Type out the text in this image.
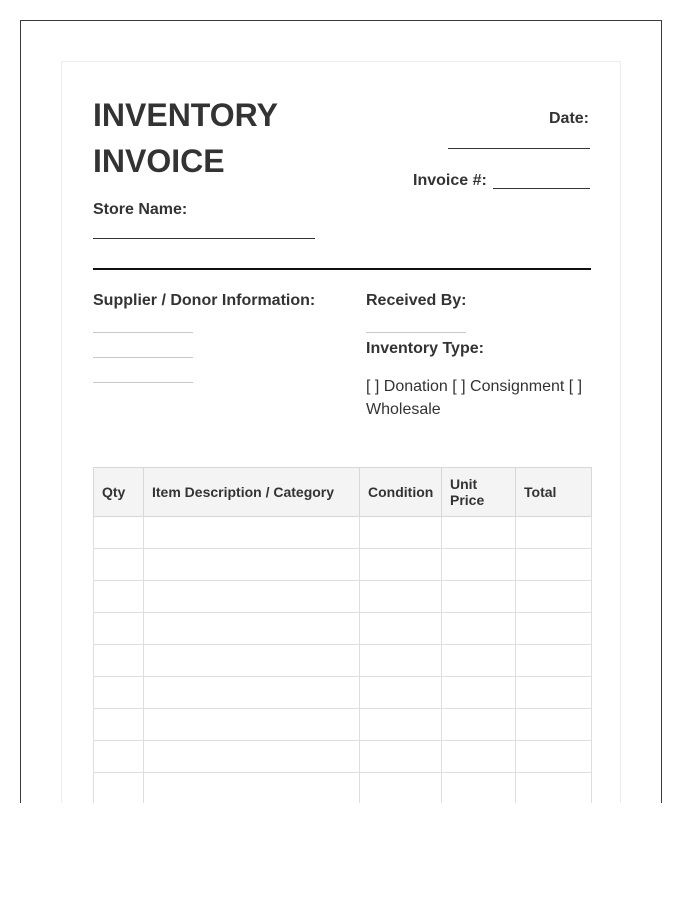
INVENTORY
INVOICE
Date:
Invoice #:
Store Name:
Supplier / Donor Information:	Received By:
Inventory Type:
[ ] Donation [ ] Consignment [ ] Wholesale
Qty	Item Description / Category	Condition	Unit Price	Total
